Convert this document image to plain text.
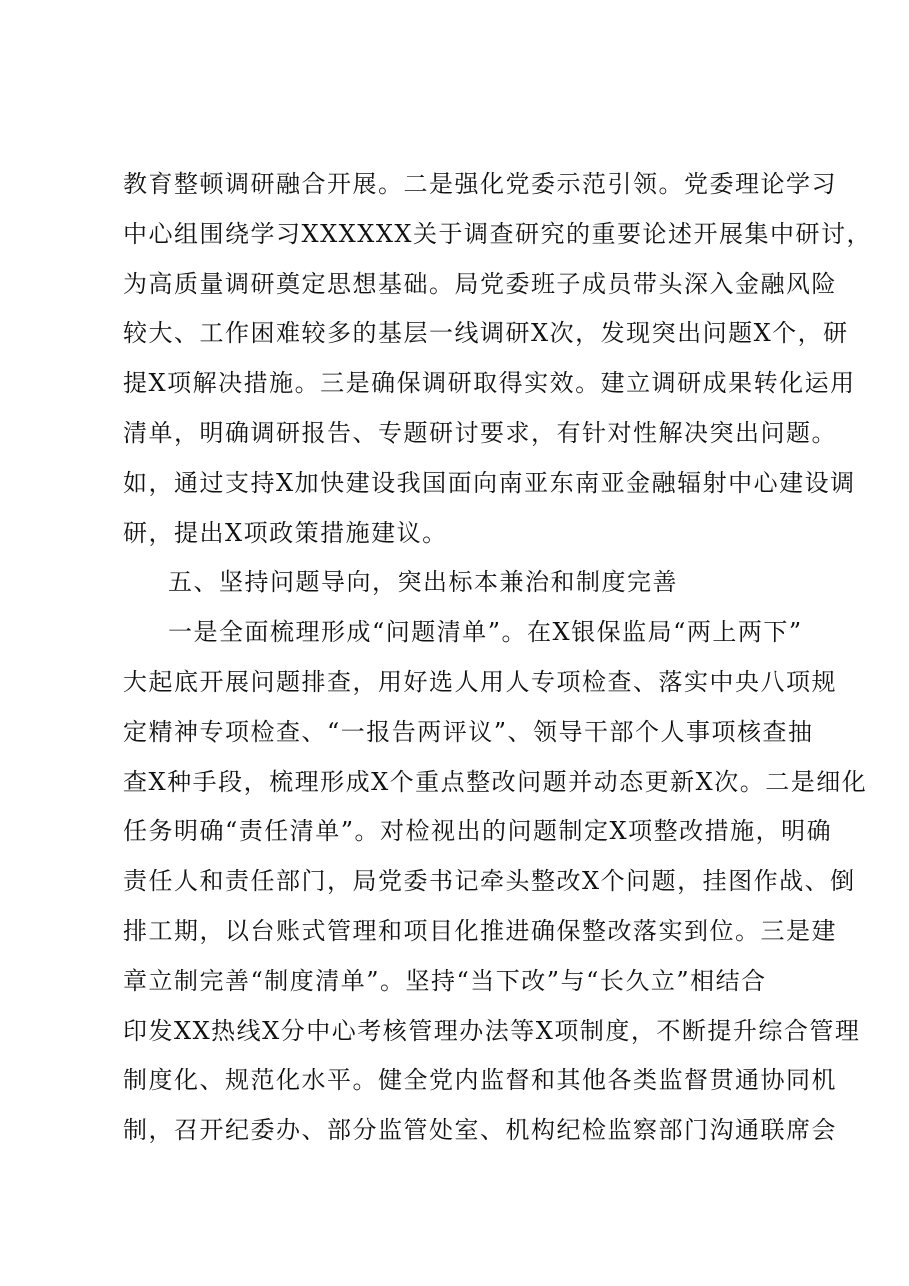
教育整顿调研融合开展。二是强化党委示范引领。党委理论学习
中心组围绕学习XXXXXX关于调查研究的重要论述开展集中研讨，
为高质量调研奠定思想基础。局党委班子成员带头深入金融风险
较大、工作困难较多的基层一线调研X次，发现突出问题X个，研
提X项解决措施。三是确保调研取得实效。建立调研成果转化运用
清单，明确调研报告、专题研讨要求，有针对性解决突出问题。
如，通过支持X加快建设我国面向南亚东南亚金融辐射中心建设调
研，提出X项政策措施建议。
五、坚持问题导向，突出标本兼治和制度完善
一是全面梳理形成“问题清单”。在X银保监局“两上两下”
大起底开展问题排查，用好选人用人专项检查、落实中央八项规
定精神专项检查、“一报告两评议”、领导干部个人事项核查抽
查X种手段，梳理形成X个重点整改问题并动态更新X次。二是细化
任务明确“责任清单”。对检视出的问题制定X项整改措施，明确
责任人和责任部门，局党委书记牵头整改X个问题，挂图作战、倒
排工期，以台账式管理和项目化推进确保整改落实到位。三是建
章立制完善“制度清单”。坚持“当下改”与“长久立”相结合
印发XX热线X分中心考核管理办法等X项制度，不断提升综合管理
制度化、规范化水平。健全党内监督和其他各类监督贯通协同机
制，召开纪委办、部分监管处室、机构纪检监察部门沟通联席会
